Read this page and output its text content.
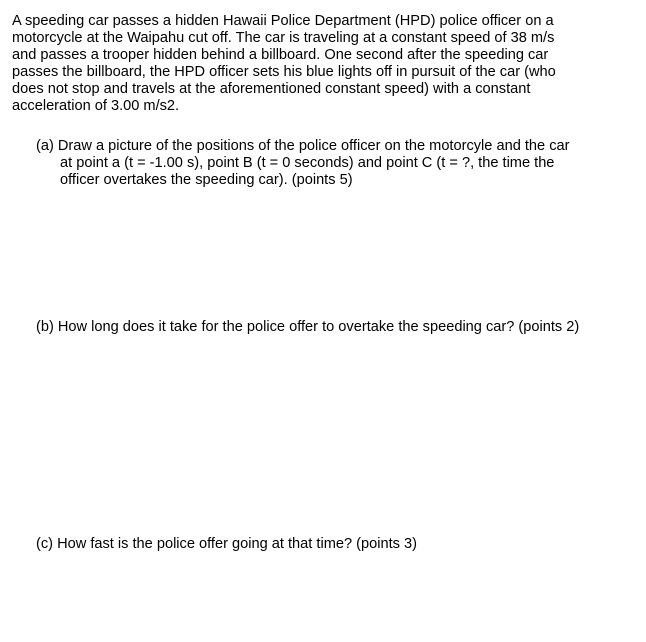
A speeding car passes a hidden Hawaii Police Department (HPD) police officer on a
motorcycle at the Waipahu cut off. The car is traveling at a constant speed of 38 m/s
and passes a trooper hidden behind a billboard. One second after the speeding car
passes the billboard, the HPD officer sets his blue lights off in pursuit of the car (who
does not stop and travels at the aforementioned constant speed) with a constant
acceleration of 3.00 m/s2.

(a) Draw a picture of the positions of the police officer on the motorcyle and the car
at point a (t = -1.00 s), point B (t = 0 seconds) and point C (t = ?, the time the
officer overtakes the speeding car). (points 5)

(b) How long does it take for the police offer to overtake the speeding car? (points 2)

(c) How fast is the police offer going at that time? (points 3)
